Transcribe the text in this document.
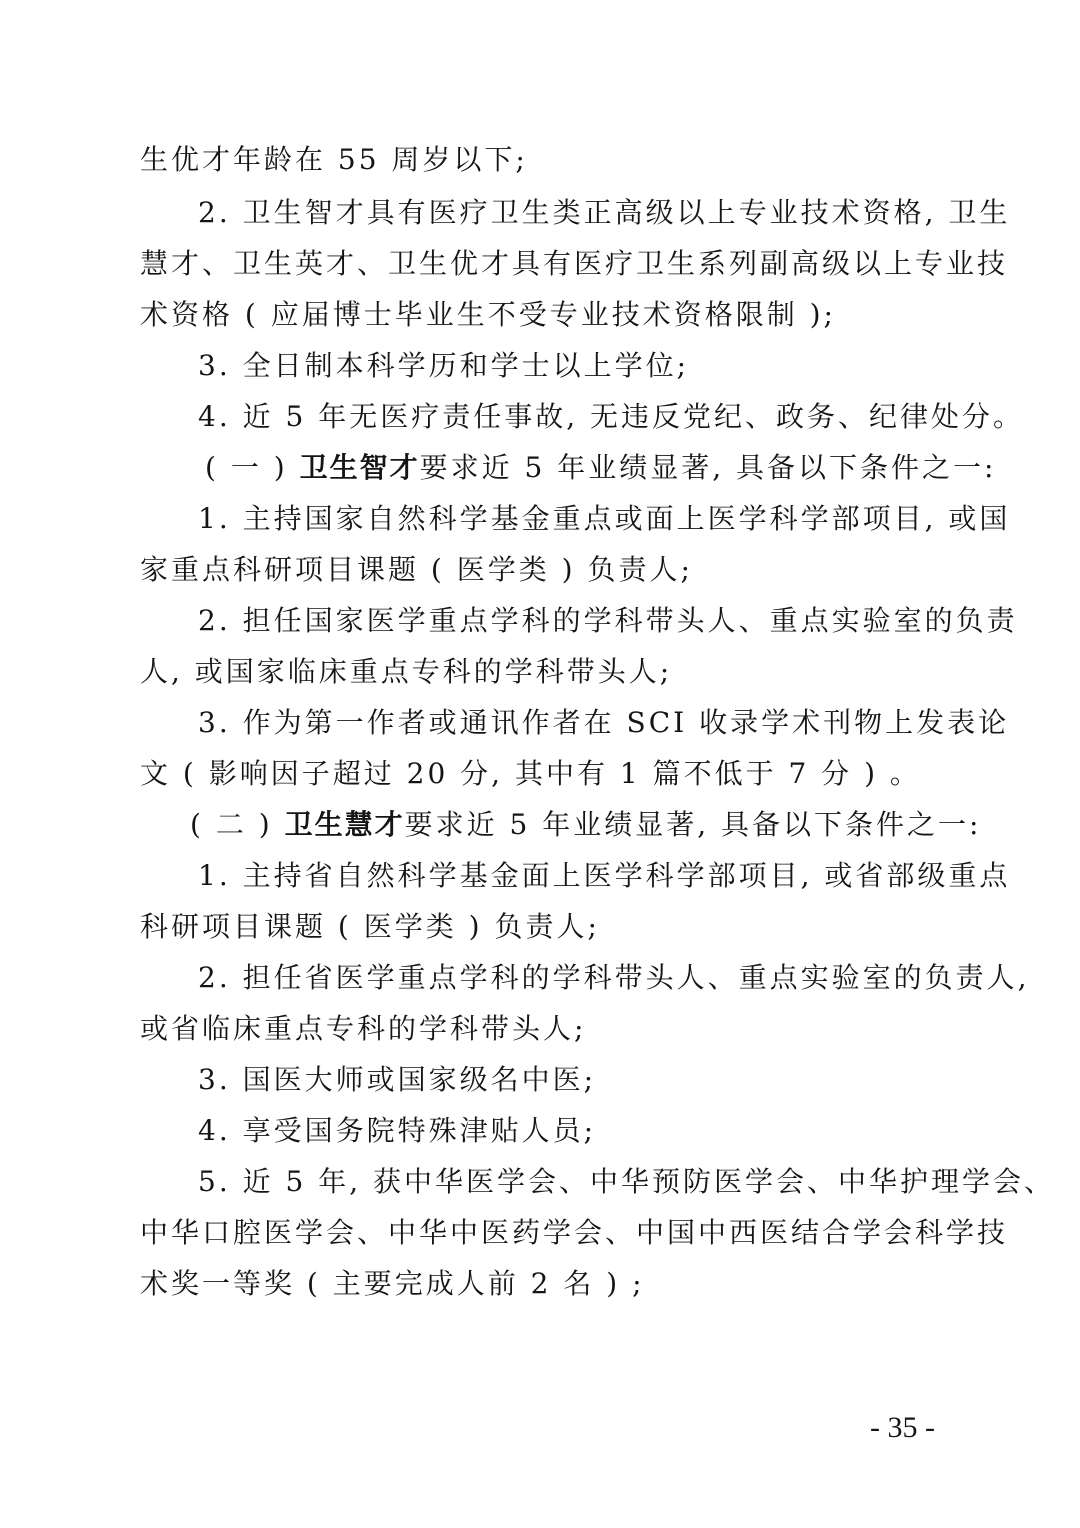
生优才年龄在 55 周岁以下;
2. 卫生智才具有医疗卫生类正高级以上专业技术资格, 卫生
慧才、卫生英才、卫生优才具有医疗卫生系列副高级以上专业技
术资格 ( 应届博士毕业生不受专业技术资格限制 );
3. 全日制本科学历和学士以上学位;
4. 近 5 年无医疗责任事故, 无违反党纪、政务、纪律处分。
( 一 ) 卫生智才要求近 5 年业绩显著, 具备以下条件之一:
1. 主持国家自然科学基金重点或面上医学科学部项目, 或国
家重点科研项目课题 ( 医学类 ) 负责人;
2. 担任国家医学重点学科的学科带头人、重点实验室的负责
人, 或国家临床重点专科的学科带头人;
3. 作为第一作者或通讯作者在 SCI 收录学术刊物上发表论
文 ( 影响因子超过 20 分, 其中有 1 篇不低于 7 分 ) 。
( 二 ) 卫生慧才要求近 5 年业绩显著, 具备以下条件之一:
1. 主持省自然科学基金面上医学科学部项目, 或省部级重点
科研项目课题 ( 医学类 ) 负责人;
2. 担任省医学重点学科的学科带头人、重点实验室的负责人,
或省临床重点专科的学科带头人;
3. 国医大师或国家级名中医;
4. 享受国务院特殊津贴人员;
5. 近 5 年, 获中华医学会、中华预防医学会、中华护理学会、
中华口腔医学会、中华中医药学会、中国中西医结合学会科学技
术奖一等奖 ( 主要完成人前 2 名 ) ;
- 35 -
